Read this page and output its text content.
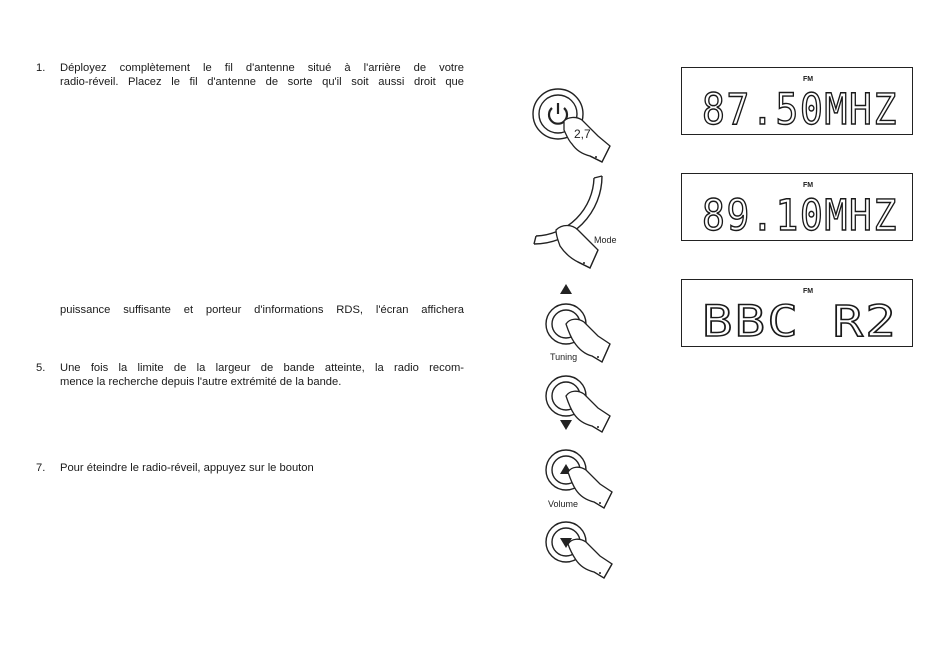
1. Déployez complètement le fil d'antenne situé à l'arrière de votre
radio-réveil. Placez le fil d'antenne de sorte qu'il soit aussi droit que
puissance suffisante et porteur d'informations RDS, l'écran affichera
5. Une fois la limite de la largeur de bande atteinte, la radio recom-
mence la recherche depuis l'autre extrémité de la bande.
7. Pour éteindre le radio-réveil, appuyez sur le bouton
2,7
Mode
Tuning
Volume
FM
87.50MHZ
FM
89.10MHZ
FM
BBC R2
